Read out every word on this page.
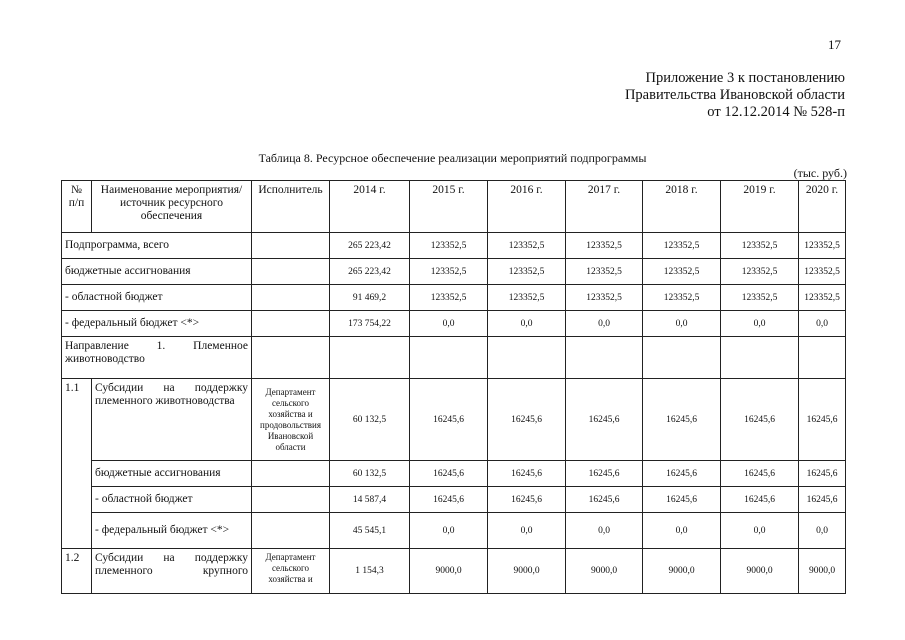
17
Приложение 3 к постановлению
Правительства Ивановской области
от 12.12.2014 № 528-п
Таблица 8. Ресурсное обеспечение реализации мероприятий подпрограммы
(тыс. руб.)
№ п/п	Наименование мероприятия/источник ресурсного обеспечения	Исполнитель	2014 г.	2015 г.	2016 г.	2017 г.	2018 г.	2019 г.	2020 г.
Подпрограмма, всего			265 223,42	123352,5	123352,5	123352,5	123352,5	123352,5	123352,5
бюджетные ассигнования			265 223,42	123352,5	123352,5	123352,5	123352,5	123352,5	123352,5
- областной бюджет			91 469,2	123352,5	123352,5	123352,5	123352,5	123352,5	123352,5
- федеральный бюджет <*>			173 754,22	0,0	0,0	0,0	0,0	0,0	0,0
Направление 1. Племенное животноводство									
1.1	Субсидии на поддержку племенного животноводства	Департамент сельского хозяйства и продовольствия Ивановской области	60 132,5	16245,6	16245,6	16245,6	16245,6	16245,6	16245,6
	бюджетные ассигнования		60 132,5	16245,6	16245,6	16245,6	16245,6	16245,6	16245,6
	- областной бюджет		14 587,4	16245,6	16245,6	16245,6	16245,6	16245,6	16245,6
	- федеральный бюджет <*>		45 545,1	0,0	0,0	0,0	0,0	0,0	0,0
1.2	Субсидии на поддержку племенного крупного	Департамент сельского хозяйства и	1 154,3	9000,0	9000,0	9000,0	9000,0	9000,0	9000,0
